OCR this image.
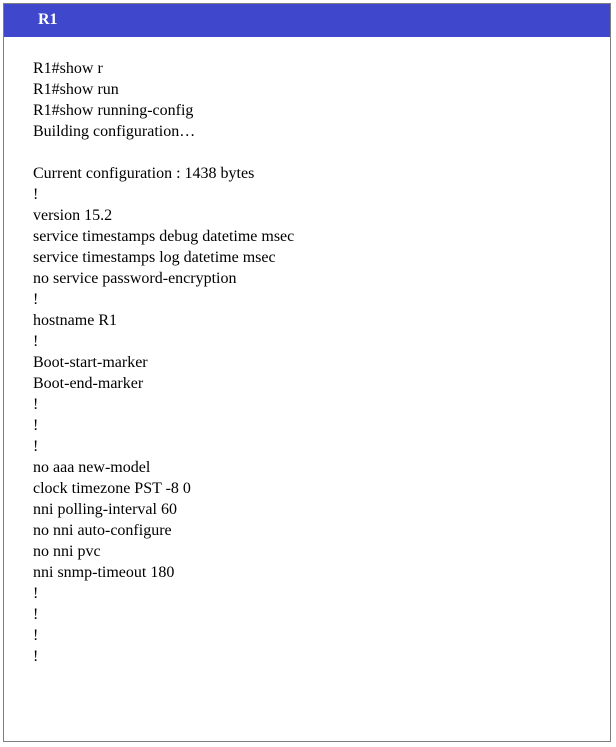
R1
R1#show r
R1#show run
R1#show running-config
Building configuration…
Current configuration : 1438 bytes
!
version 15.2
service timestamps debug datetime msec
service timestamps log datetime msec
no service password-encryption
!
hostname R1
!
Boot-start-marker
Boot-end-marker
!
!
!
no aaa new-model
clock timezone PST -8 0
nni polling-interval 60
no nni auto-configure
no nni pvc
nni snmp-timeout 180
!
!
!
!
